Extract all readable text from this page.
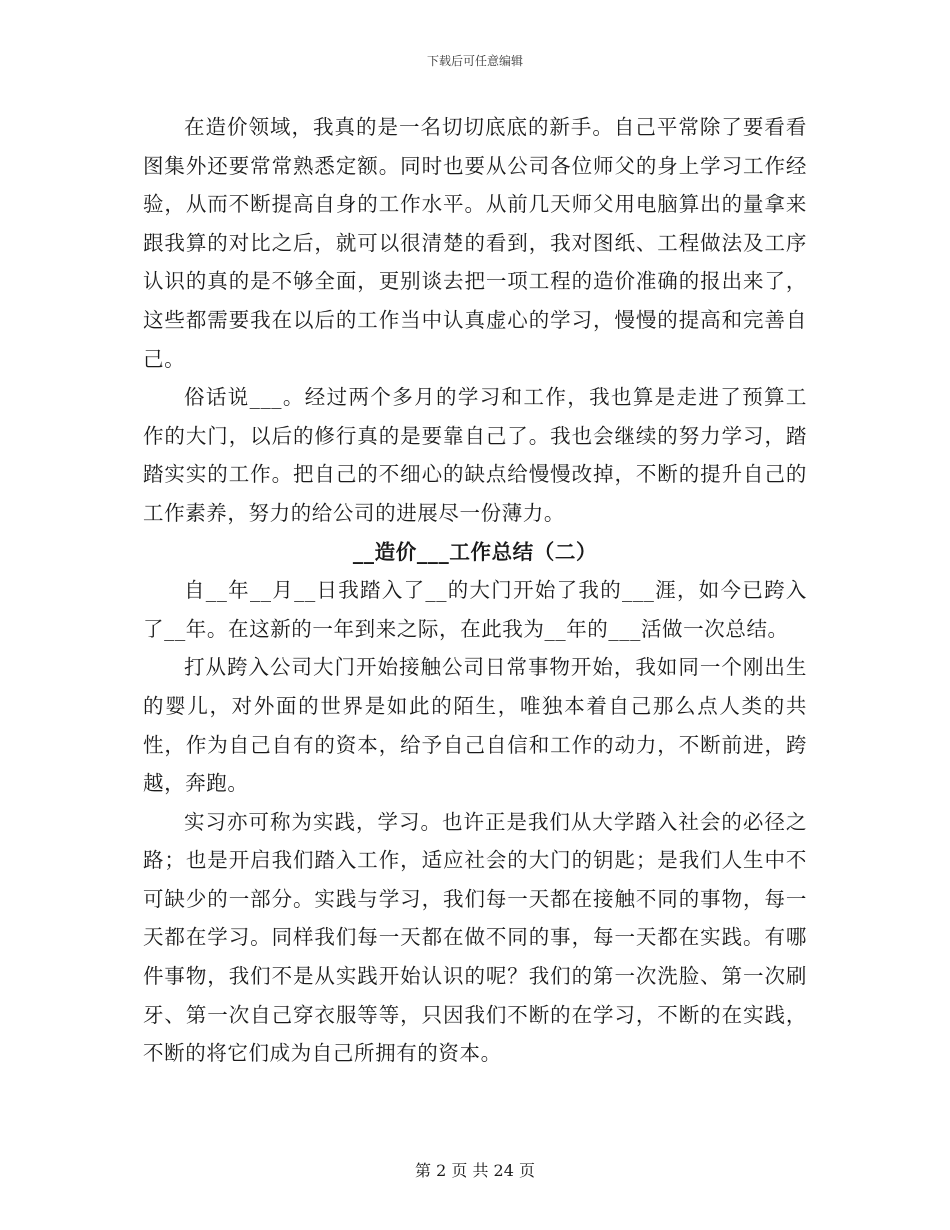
下载后可任意编辑

在造价领域，我真的是一名切切底底的新手。自己平常除了要看看图集外还要常常熟悉定额。同时也要从公司各位师父的身上学习工作经验，从而不断提高自身的工作水平。从前几天师父用电脑算出的量拿来跟我算的对比之后，就可以很清楚的看到，我对图纸、工程做法及工序认识的真的是不够全面，更别谈去把一项工程的造价准确的报出来了，这些都需要我在以后的工作当中认真虚心的学习，慢慢的提高和完善自己。

俗话说___。经过两个多月的学习和工作，我也算是走进了预算工作的大门，以后的修行真的是要靠自己了。我也会继续的努力学习，踏踏实实的工作。把自己的不细心的缺点给慢慢改掉，不断的提升自己的工作素养，努力的给公司的进展尽一份薄力。

__造价___工作总结（二）

自__年__月__日我踏入了__的大门开始了我的___涯，如今已跨入了__年。在这新的一年到来之际，在此我为__年的___活做一次总结。

打从跨入公司大门开始接触公司日常事物开始，我如同一个刚出生的婴儿，对外面的世界是如此的陌生，唯独本着自己那么点人类的共性，作为自己自有的资本，给予自己自信和工作的动力，不断前进，跨越，奔跑。

实习亦可称为实践，学习。也许正是我们从大学踏入社会的必径之路；也是开启我们踏入工作，适应社会的大门的钥匙；是我们人生中不可缺少的一部分。实践与学习，我们每一天都在接触不同的事物，每一天都在学习。同样我们每一天都在做不同的事，每一天都在实践。有哪件事物，我们不是从实践开始认识的呢？我们的第一次洗脸、第一次刷牙、第一次自己穿衣服等等，只因我们不断的在学习，不断的在实践，不断的将它们成为自己所拥有的资本。

第 2 页 共 24 页
